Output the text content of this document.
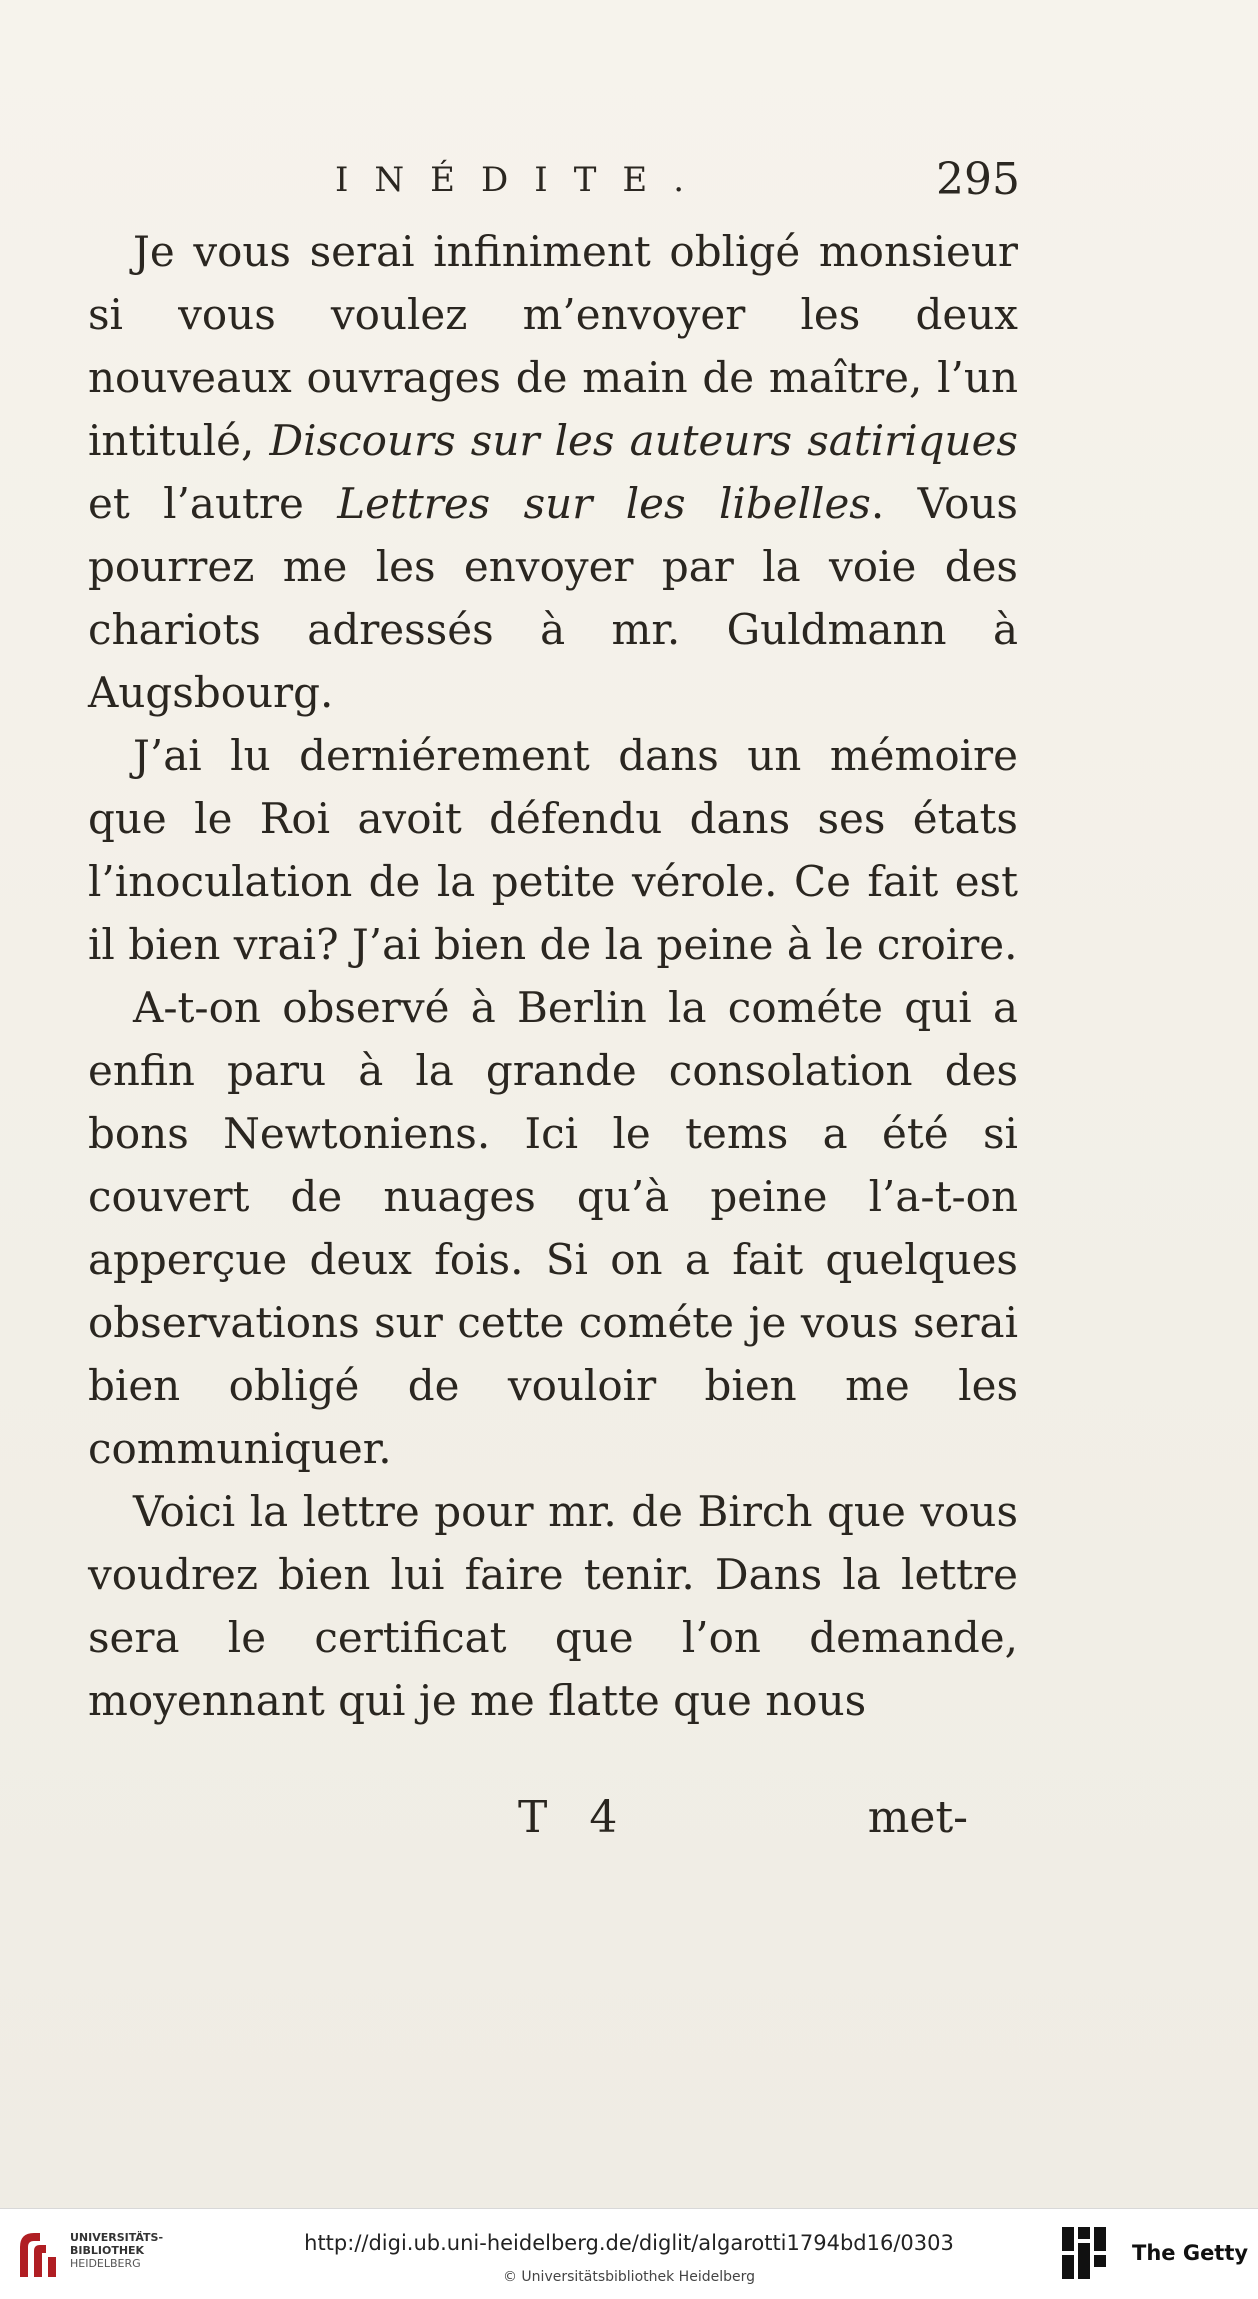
INÉDITE.	295

Je vous serai infiniment obligé monsieur si vous voulez m’envoyer les deux nouveaux ouvrages de main de maître, l’un intitulé, Discours sur les auteurs satiriques et l’autre Lettres sur les libelles. Vous pourrez me les envoyer par la voie des chariots adressés à mr. Guldmann à Augsbourg.

J’ai lu derniérement dans un mémoire que le Roi avoit défendu dans ses états l’inoculation de la petite vérole. Ce fait est il bien vrai? J’ai bien de la peine à le croire.

A-t-on observé à Berlin la cométe qui a enfin paru à la grande consolation des bons Newtoniens. Ici le tems a été si couvert de nuages qu’à peine l’a-t-on apperçue deux fois. Si on a fait quelques observations sur cette cométe je vous serai bien obligé de vouloir bien me les communiquer.

Voici la lettre pour mr. de Birch que vous voudrez bien lui faire tenir. Dans la lettre sera le certificat que l’on demande, moyennant qui je me flatte que nous

T 4	met-
UNIVERSITÄTS-
BIBLIOTHEK
HEIDELBERG
http://digi.ub.uni-heidelberg.de/diglit/algarotti1794bd16/0303
© Universitätsbibliothek Heidelberg
The Getty
